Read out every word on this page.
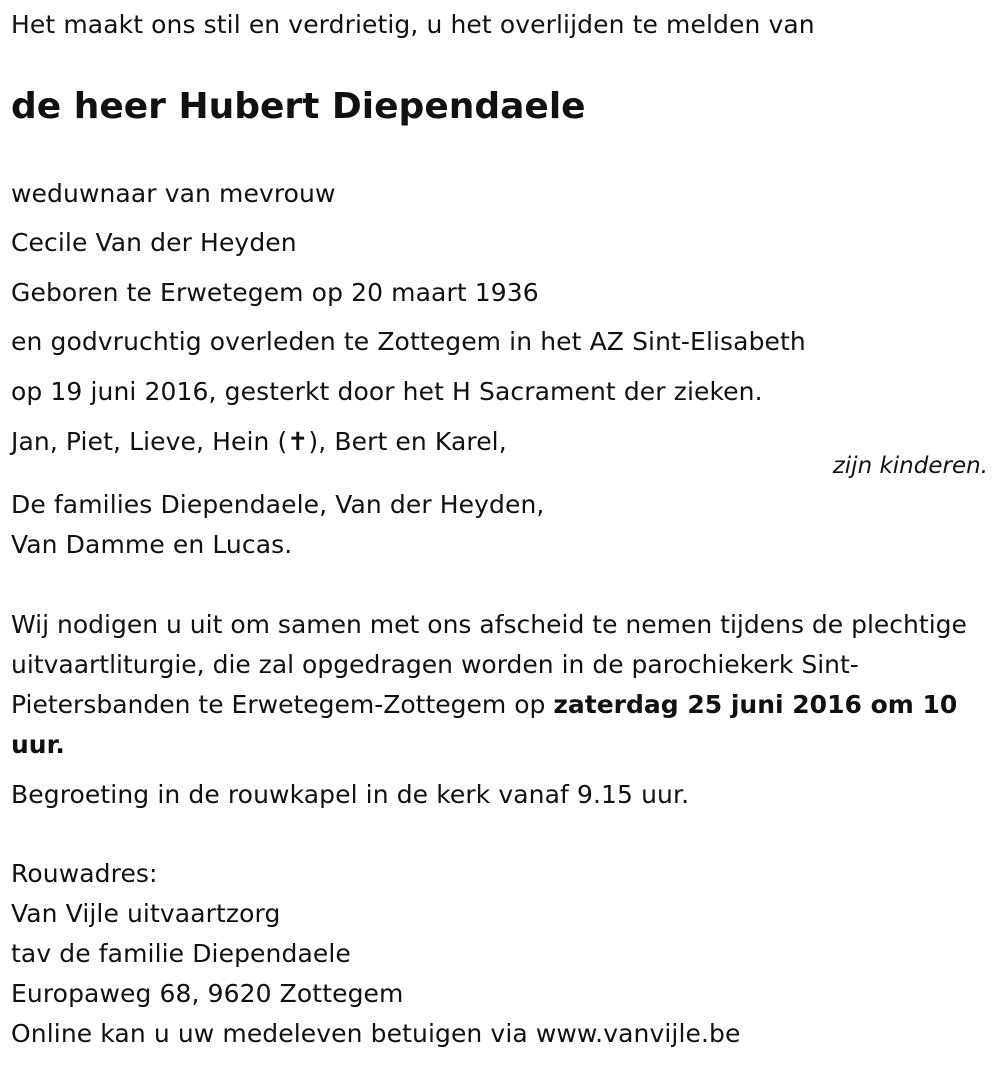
Het maakt ons stil en verdrietig, u het overlijden te melden van
de heer Hubert Diependaele
weduwnaar van mevrouw
Cecile Van der Heyden
Geboren te Erwetegem op 20 maart 1936
en godvruchtig overleden te Zottegem in het AZ Sint-Elisabeth
op 19 juni 2016, gesterkt door het H Sacrament der zieken.
Jan, Piet, Lieve, Hein (✝), Bert en Karel,
zijn kinderen.
De families Diependaele, Van der Heyden,
Van Damme en Lucas.
Wij nodigen u uit om samen met ons afscheid te nemen tijdens de plechtige uitvaartliturgie, die zal opgedragen worden in de parochiekerk Sint-Pietersbanden te Erwetegem-Zottegem op zaterdag 25 juni 2016 om 10 uur.
Begroeting in de rouwkapel in de kerk vanaf 9.15 uur.
Rouwadres:
Van Vijle uitvaartzorg
tav de familie Diependaele
Europaweg 68, 9620 Zottegem
Online kan u uw medeleven betuigen via www.vanvijle.be
